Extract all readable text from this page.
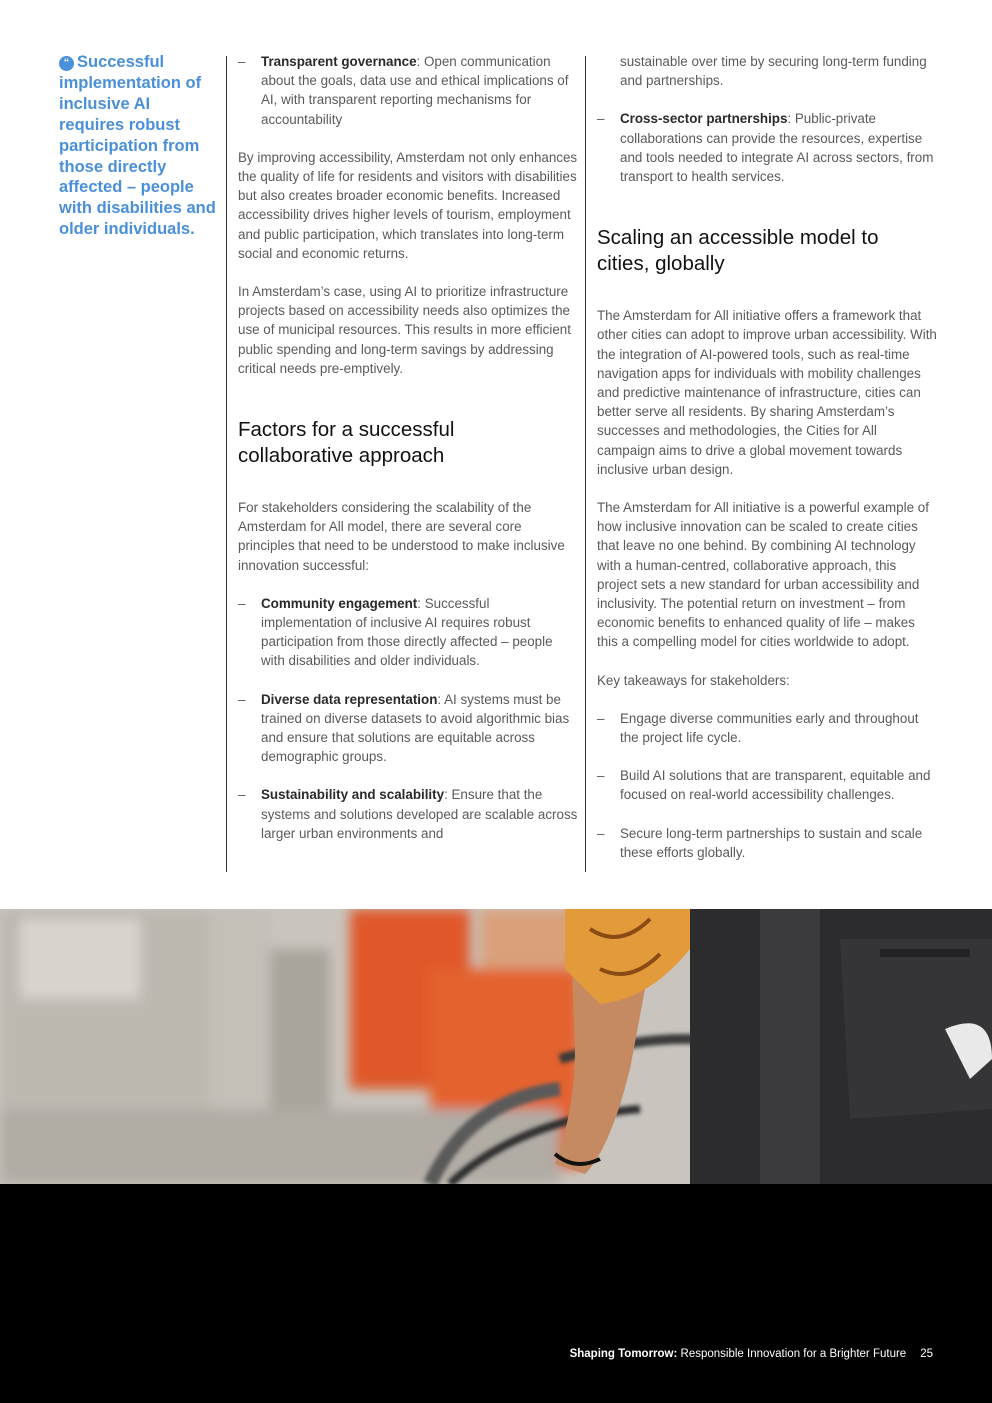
“ Successful implementation of inclusive AI requires robust participation from those directly affected – people with disabilities and older individuals.
– Transparent governance: Open communication about the goals, data use and ethical implications of AI, with transparent reporting mechanisms for accountability

By improving accessibility, Amsterdam not only enhances the quality of life for residents and visitors with disabilities but also creates broader economic benefits. Increased accessibility drives higher levels of tourism, employment and public participation, which translates into long-term social and economic returns.

In Amsterdam’s case, using AI to prioritize infrastructure projects based on accessibility needs also optimizes the use of municipal resources. This results in more efficient public spending and long-term savings by addressing critical needs pre-emptively.

Factors for a successful collaborative approach

For stakeholders considering the scalability of the Amsterdam for All model, there are several core principles that need to be understood to make inclusive innovation successful:

– Community engagement: Successful implementation of inclusive AI requires robust participation from those directly affected – people with disabilities and older individuals.
– Diverse data representation: AI systems must be trained on diverse datasets to avoid algorithmic bias and ensure that solutions are equitable across demographic groups.
– Sustainability and scalability: Ensure that the systems and solutions developed are scalable across larger urban environments and
sustainable over time by securing long-term funding and partnerships.
– Cross-sector partnerships: Public-private collaborations can provide the resources, expertise and tools needed to integrate AI across sectors, from transport to health services.
Scaling an accessible model to cities, globally

The Amsterdam for All initiative offers a framework that other cities can adopt to improve urban accessibility. With the integration of AI-powered tools, such as real-time navigation apps for individuals with mobility challenges and predictive maintenance of infrastructure, cities can better serve all residents. By sharing Amsterdam’s successes and methodologies, the Cities for All campaign aims to drive a global movement towards inclusive urban design.

The Amsterdam for All initiative is a powerful example of how inclusive innovation can be scaled to create cities that leave no one behind. By combining AI technology with a human-centred, collaborative approach, this project sets a new standard for urban accessibility and inclusivity. The potential return on investment – from economic benefits to enhanced quality of life – makes this a compelling model for cities worldwide to adopt.

Key takeaways for stakeholders:

– Engage diverse communities early and throughout the project life cycle.
– Build AI solutions that are transparent, equitable and focused on real-world accessibility challenges.
– Secure long-term partnerships to sustain and scale these efforts globally.
Shaping Tomorrow: Responsible Innovation for a Brighter Future 25
